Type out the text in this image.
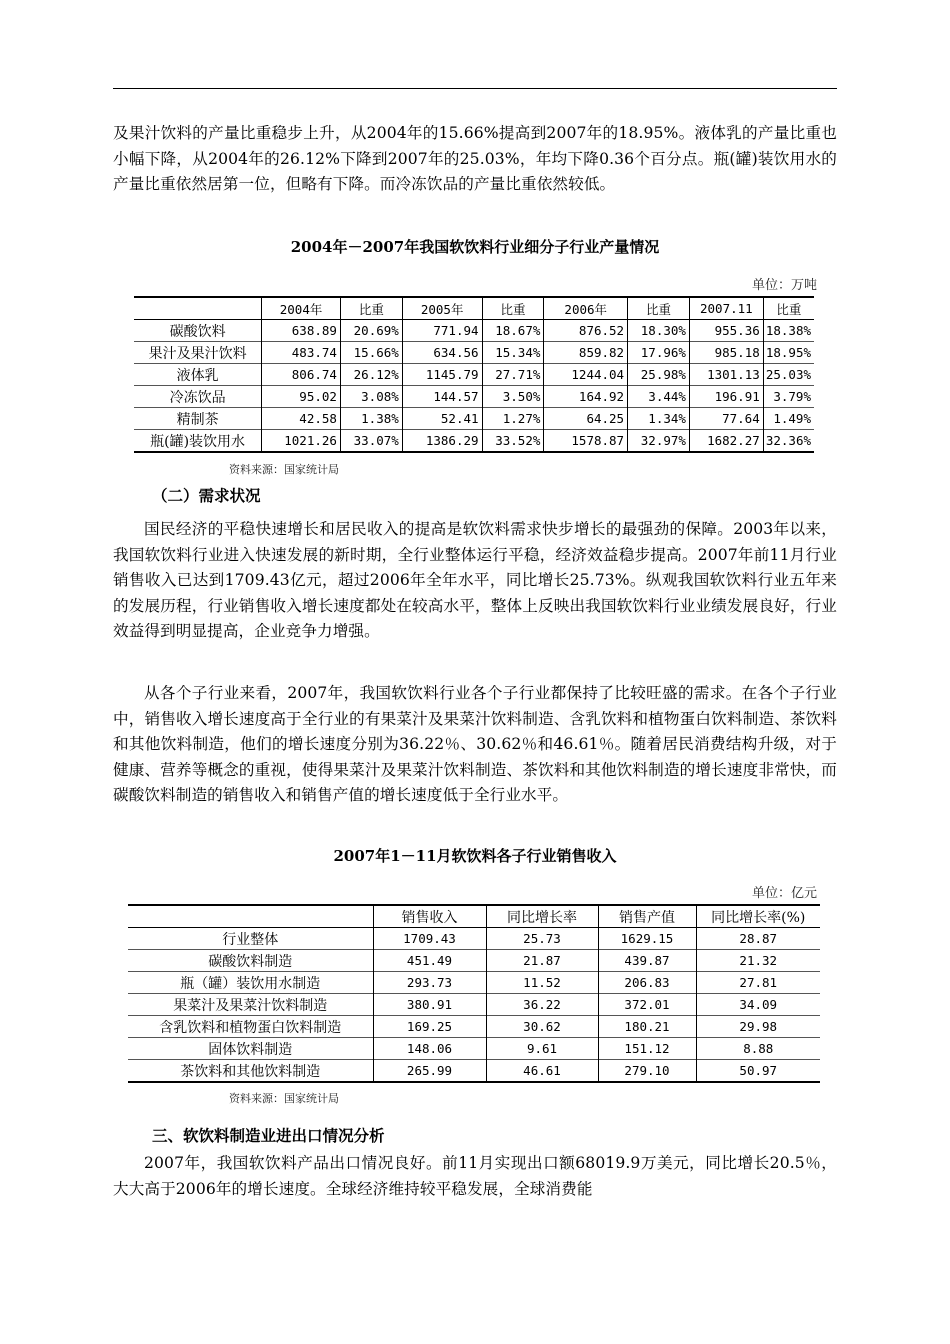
及果汁饮料的产量比重稳步上升，从2004年的15.66%提高到2007年的18.95%。液体乳的产量比重也小幅下降，从2004年的26.12%下降到2007年的25.03%，年均下降0.36个百分点。瓶(罐)装饮用水的产量比重依然居第一位，但略有下降。而冷冻饮品的产量比重依然较低。

2004年－2007年我国软饮料行业细分子行业产量情况

单位：万吨
	2004年	比重	2005年	比重	2006年	比重	2007.11	比重
碳酸饮料	638.89	20.69%	771.94	18.67%	876.52	18.30%	955.36	18.38%
果汁及果汁饮料	483.74	15.66%	634.56	15.34%	859.82	17.96%	985.18	18.95%
液体乳	806.74	26.12%	1145.79	27.71%	1244.04	25.98%	1301.13	25.03%
冷冻饮品	95.02	3.08%	144.57	3.50%	164.92	3.44%	196.91	3.79%
精制茶	42.58	1.38%	52.41	1.27%	64.25	1.34%	77.64	1.49%
瓶(罐)装饮用水	1021.26	33.07%	1386.29	33.52%	1578.87	32.97%	1682.27	32.36%
资料来源：国家统计局

（二）需求状况

国民经济的平稳快速增长和居民收入的提高是软饮料需求快步增长的最强劲的保障。2003年以来，我国软饮料行业进入快速发展的新时期，全行业整体运行平稳，经济效益稳步提高。2007年前11月行业销售收入已达到1709.43亿元，超过2006年全年水平，同比增长25.73%。纵观我国软饮料行业五年来的发展历程，行业销售收入增长速度都处在较高水平，整体上反映出我国软饮料行业业绩发展良好，行业效益得到明显提高，企业竞争力增强。

从各个子行业来看，2007年，我国软饮料行业各个子行业都保持了比较旺盛的需求。在各个子行业中，销售收入增长速度高于全行业的有果菜汁及果菜汁饮料制造、含乳饮料和植物蛋白饮料制造、茶饮料和其他饮料制造，他们的增长速度分别为36.22％、30.62％和46.61％。随着居民消费结构升级，对于健康、营养等概念的重视，使得果菜汁及果菜汁饮料制造、茶饮料和其他饮料制造的增长速度非常快，而碳酸饮料制造的销售收入和销售产值的增长速度低于全行业水平。

2007年1－11月软饮料各子行业销售收入

单位：亿元
	销售收入	同比增长率	销售产值	同比增长率(%)
行业整体	1709.43	25.73	1629.15	28.87
碳酸饮料制造	451.49	21.87	439.87	21.32
瓶（罐）装饮用水制造	293.73	11.52	206.83	27.81
果菜汁及果菜汁饮料制造	380.91	36.22	372.01	34.09
含乳饮料和植物蛋白饮料制造	169.25	30.62	180.21	29.98
固体饮料制造	148.06	9.61	151.12	8.88
茶饮料和其他饮料制造	265.99	46.61	279.10	50.97
资料来源：国家统计局

三、软饮料制造业进出口情况分析

2007年，我国软饮料产品出口情况良好。前11月实现出口额68019.9万美元，同比增长20.5％，大大高于2006年的增长速度。全球经济维持较平稳发展，全球消费能
